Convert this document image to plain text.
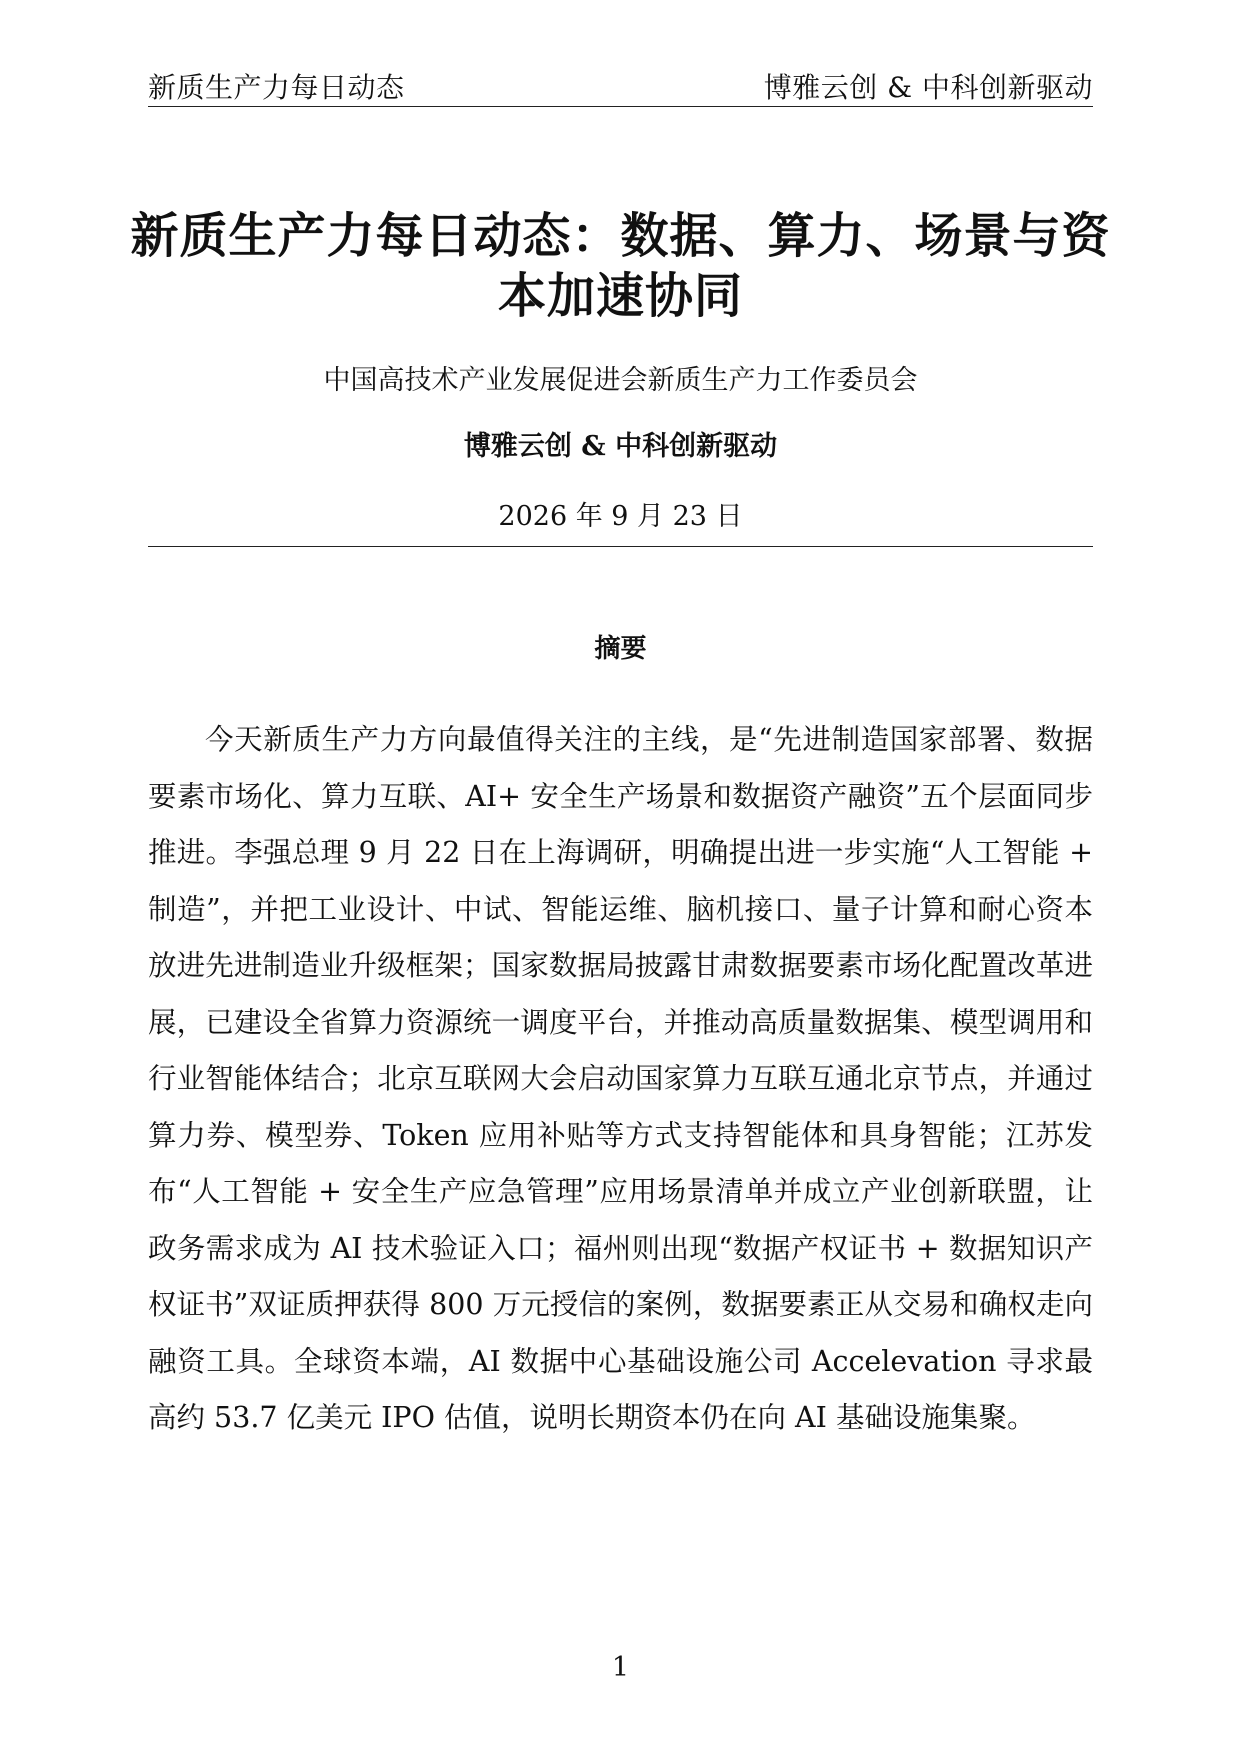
新质生产力每日动态	博雅云创 & 中科创新驱动
新质生产力每日动态：数据、算力、场景与资本加速协同
中国高技术产业发展促进会新质生产力工作委员会
博雅云创 & 中科创新驱动
2026 年 9 月 23 日
摘要

今天新质生产力方向最值得关注的主线，是“先进制造国家部署、数据要素市场化、算力互联、AI+ 安全生产场景和数据资产融资”五个层面同步推进。李强总理 9 月 22 日在上海调研，明确提出进一步实施“人工智能 + 制造”，并把工业设计、中试、智能运维、脑机接口、量子计算和耐心资本放进先进制造业升级框架；国家数据局披露甘肃数据要素市场化配置改革进展，已建设全省算力资源统一调度平台，并推动高质量数据集、模型调用和行业智能体结合；北京互联网大会启动国家算力互联互通北京节点，并通过算力券、模型券、Token 应用补贴等方式支持智能体和具身智能；江苏发布“人工智能 + 安全生产应急管理”应用场景清单并成立产业创新联盟，让政务需求成为 AI 技术验证入口；福州则出现“数据产权证书 + 数据知识产权证书”双证质押获得 800 万元授信的案例，数据要素正从交易和确权走向融资工具。全球资本端，AI 数据中心基础设施公司 Accelevation 寻求最高约 53.7 亿美元 IPO 估值，说明长期资本仍在向 AI 基础设施集聚。

1
